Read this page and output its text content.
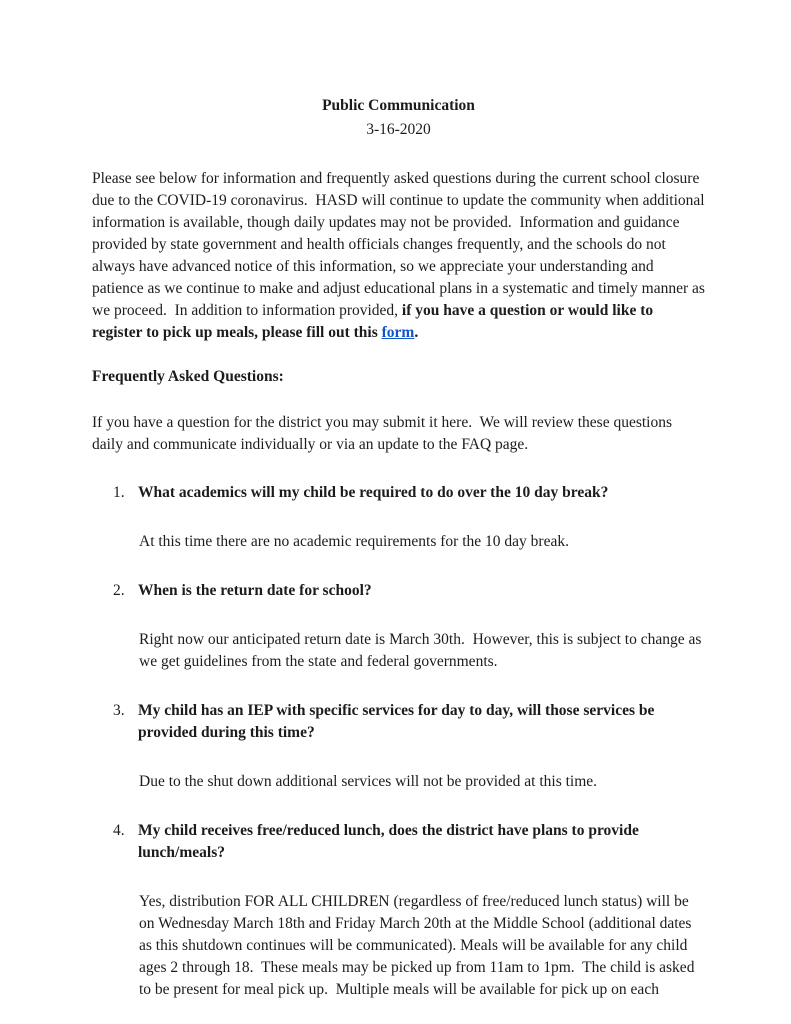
Public Communication
3-16-2020

Please see below for information and frequently asked questions during the current school closure due to the COVID-19 coronavirus.  HASD will continue to update the community when additional information is available, though daily updates may not be provided.  Information and guidance provided by state government and health officials changes frequently, and the schools do not always have advanced notice of this information, so we appreciate your understanding and patience as we continue to make and adjust educational plans in a systematic and timely manner as we proceed.  In addition to information provided, if you have a question or would like to register to pick up meals, please fill out this form.

Frequently Asked Questions:

If you have a question for the district you may submit it here.  We will review these questions daily and communicate individually or via an update to the FAQ page.

1. What academics will my child be required to do over the 10 day break?

At this time there are no academic requirements for the 10 day break.

2. When is the return date for school?

Right now our anticipated return date is March 30th.  However, this is subject to change as we get guidelines from the state and federal governments.

3. My child has an IEP with specific services for day to day, will those services be provided during this time?

Due to the shut down additional services will not be provided at this time.

4. My child receives free/reduced lunch, does the district have plans to provide lunch/meals?

Yes, distribution FOR ALL CHILDREN (regardless of free/reduced lunch status) will be on Wednesday March 18th and Friday March 20th at the Middle School (additional dates as this shutdown continues will be communicated). Meals will be available for any child ages 2 through 18.  These meals may be picked up from 11am to 1pm.  The child is asked to be present for meal pick up.  Multiple meals will be available for pick up on each
